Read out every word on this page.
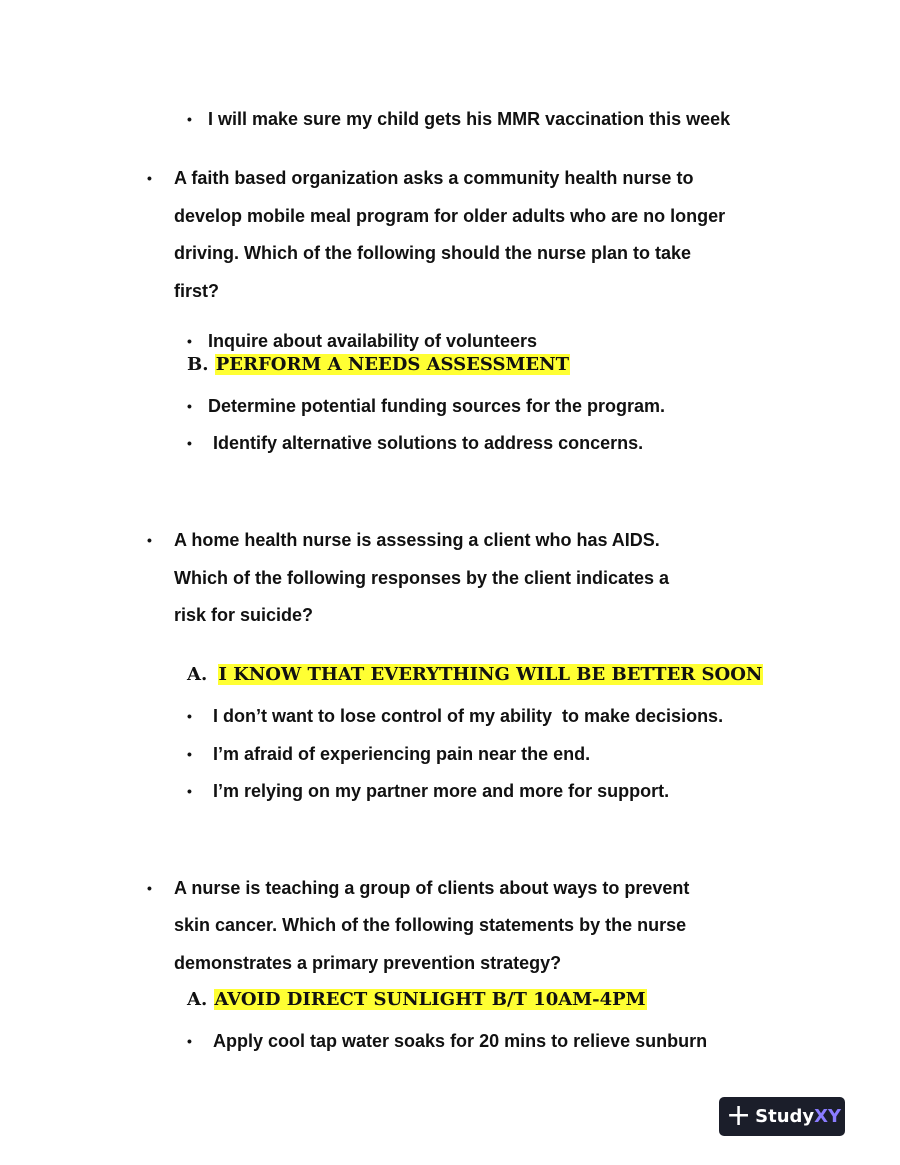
• I will make sure my child gets his MMR vaccination this week
• A faith based organization asks a community health nurse to
develop mobile meal program for older adults who are no longer
driving. Which of the following should the nurse plan to take
first?
• Inquire about availability of volunteers
B. PERFORM A NEEDS ASSESSMENT
• Determine potential funding sources for the program.
• Identify alternative solutions to address concerns.
• A home health nurse is assessing a client who has AIDS.
Which of the following responses by the client indicates a
risk for suicide?
A. I KNOW THAT EVERYTHING WILL BE BETTER SOON
• I don’t want to lose control of my ability  to make decisions.
• I’m afraid of experiencing pain near the end.
• I’m relying on my partner more and more for support.
• A nurse is teaching a group of clients about ways to prevent
skin cancer. Which of the following statements by the nurse
demonstrates a primary prevention strategy?
A. AVOID DIRECT SUNLIGHT B/T 10AM-4PM
• Apply cool tap water soaks for 20 mins to relieve sunburn
+ StudyXY
